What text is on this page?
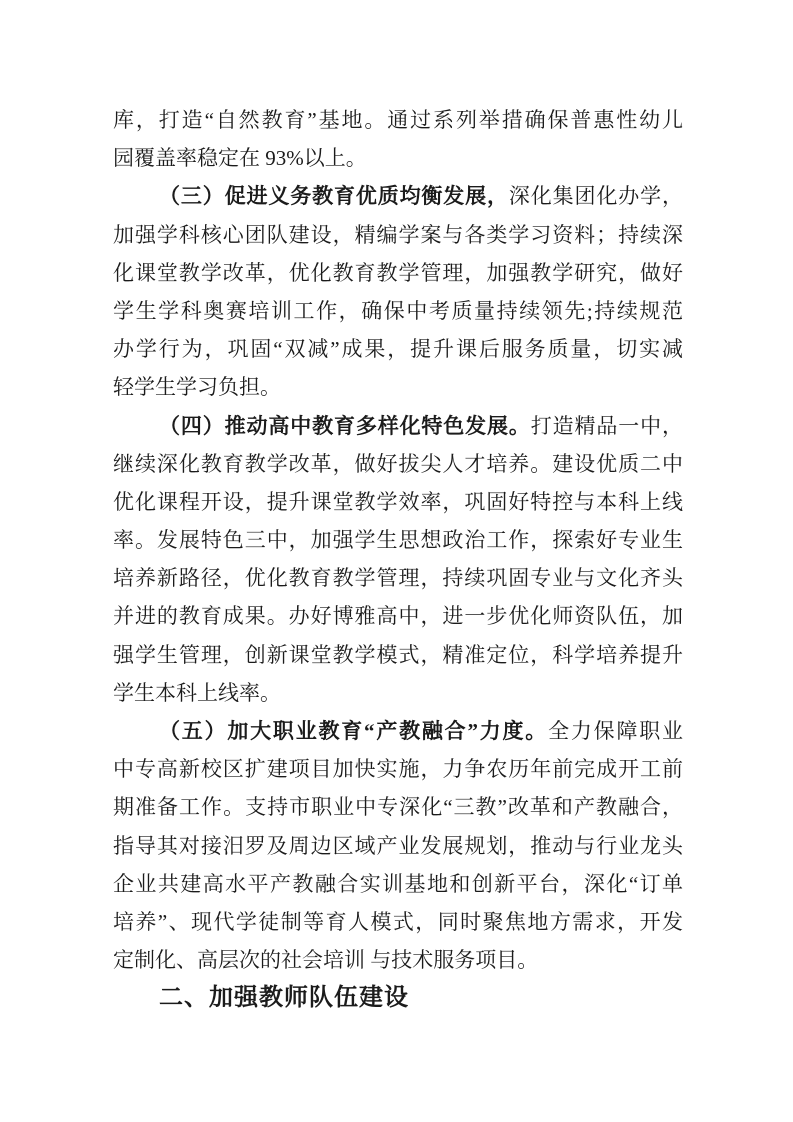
库，打造“自然教育”基地。通过系列举措确保普惠性幼儿
园覆盖率稳定在 93%以上。
（三）促进义务教育优质均衡发展，深化集团化办学，
加强学科核心团队建设，精编学案与各类学习资料；持续深
化课堂教学改革，优化教育教学管理，加强教学研究，做好
学生学科奥赛培训工作，确保中考质量持续领先;持续规范
办学行为，巩固“双减”成果，提升课后服务质量，切实减
轻学生学习负担。
（四）推动高中教育多样化特色发展。打造精品一中，
继续深化教育教学改革，做好拔尖人才培养。建设优质二中
优化课程开设，提升课堂教学效率，巩固好特控与本科上线
率。发展特色三中，加强学生思想政治工作，探索好专业生
培养新路径，优化教育教学管理，持续巩固专业与文化齐头
并进的教育成果。办好博雅高中，进一步优化师资队伍，加
强学生管理，创新课堂教学模式，精准定位，科学培养提升
学生本科上线率。
（五）加大职业教育“产教融合”力度。全力保障职业
中专高新校区扩建项目加快实施，力争农历年前完成开工前
期准备工作。支持市职业中专深化“三教”改革和产教融合，
指导其对接汨罗及周边区域产业发展规划，推动与行业龙头
企业共建高水平产教融合实训基地和创新平台，深化“订单
培养”、现代学徒制等育人模式，同时聚焦地方需求，开发
定制化、高层次的社会培训 与技术服务项目。
二、加强教师队伍建设
